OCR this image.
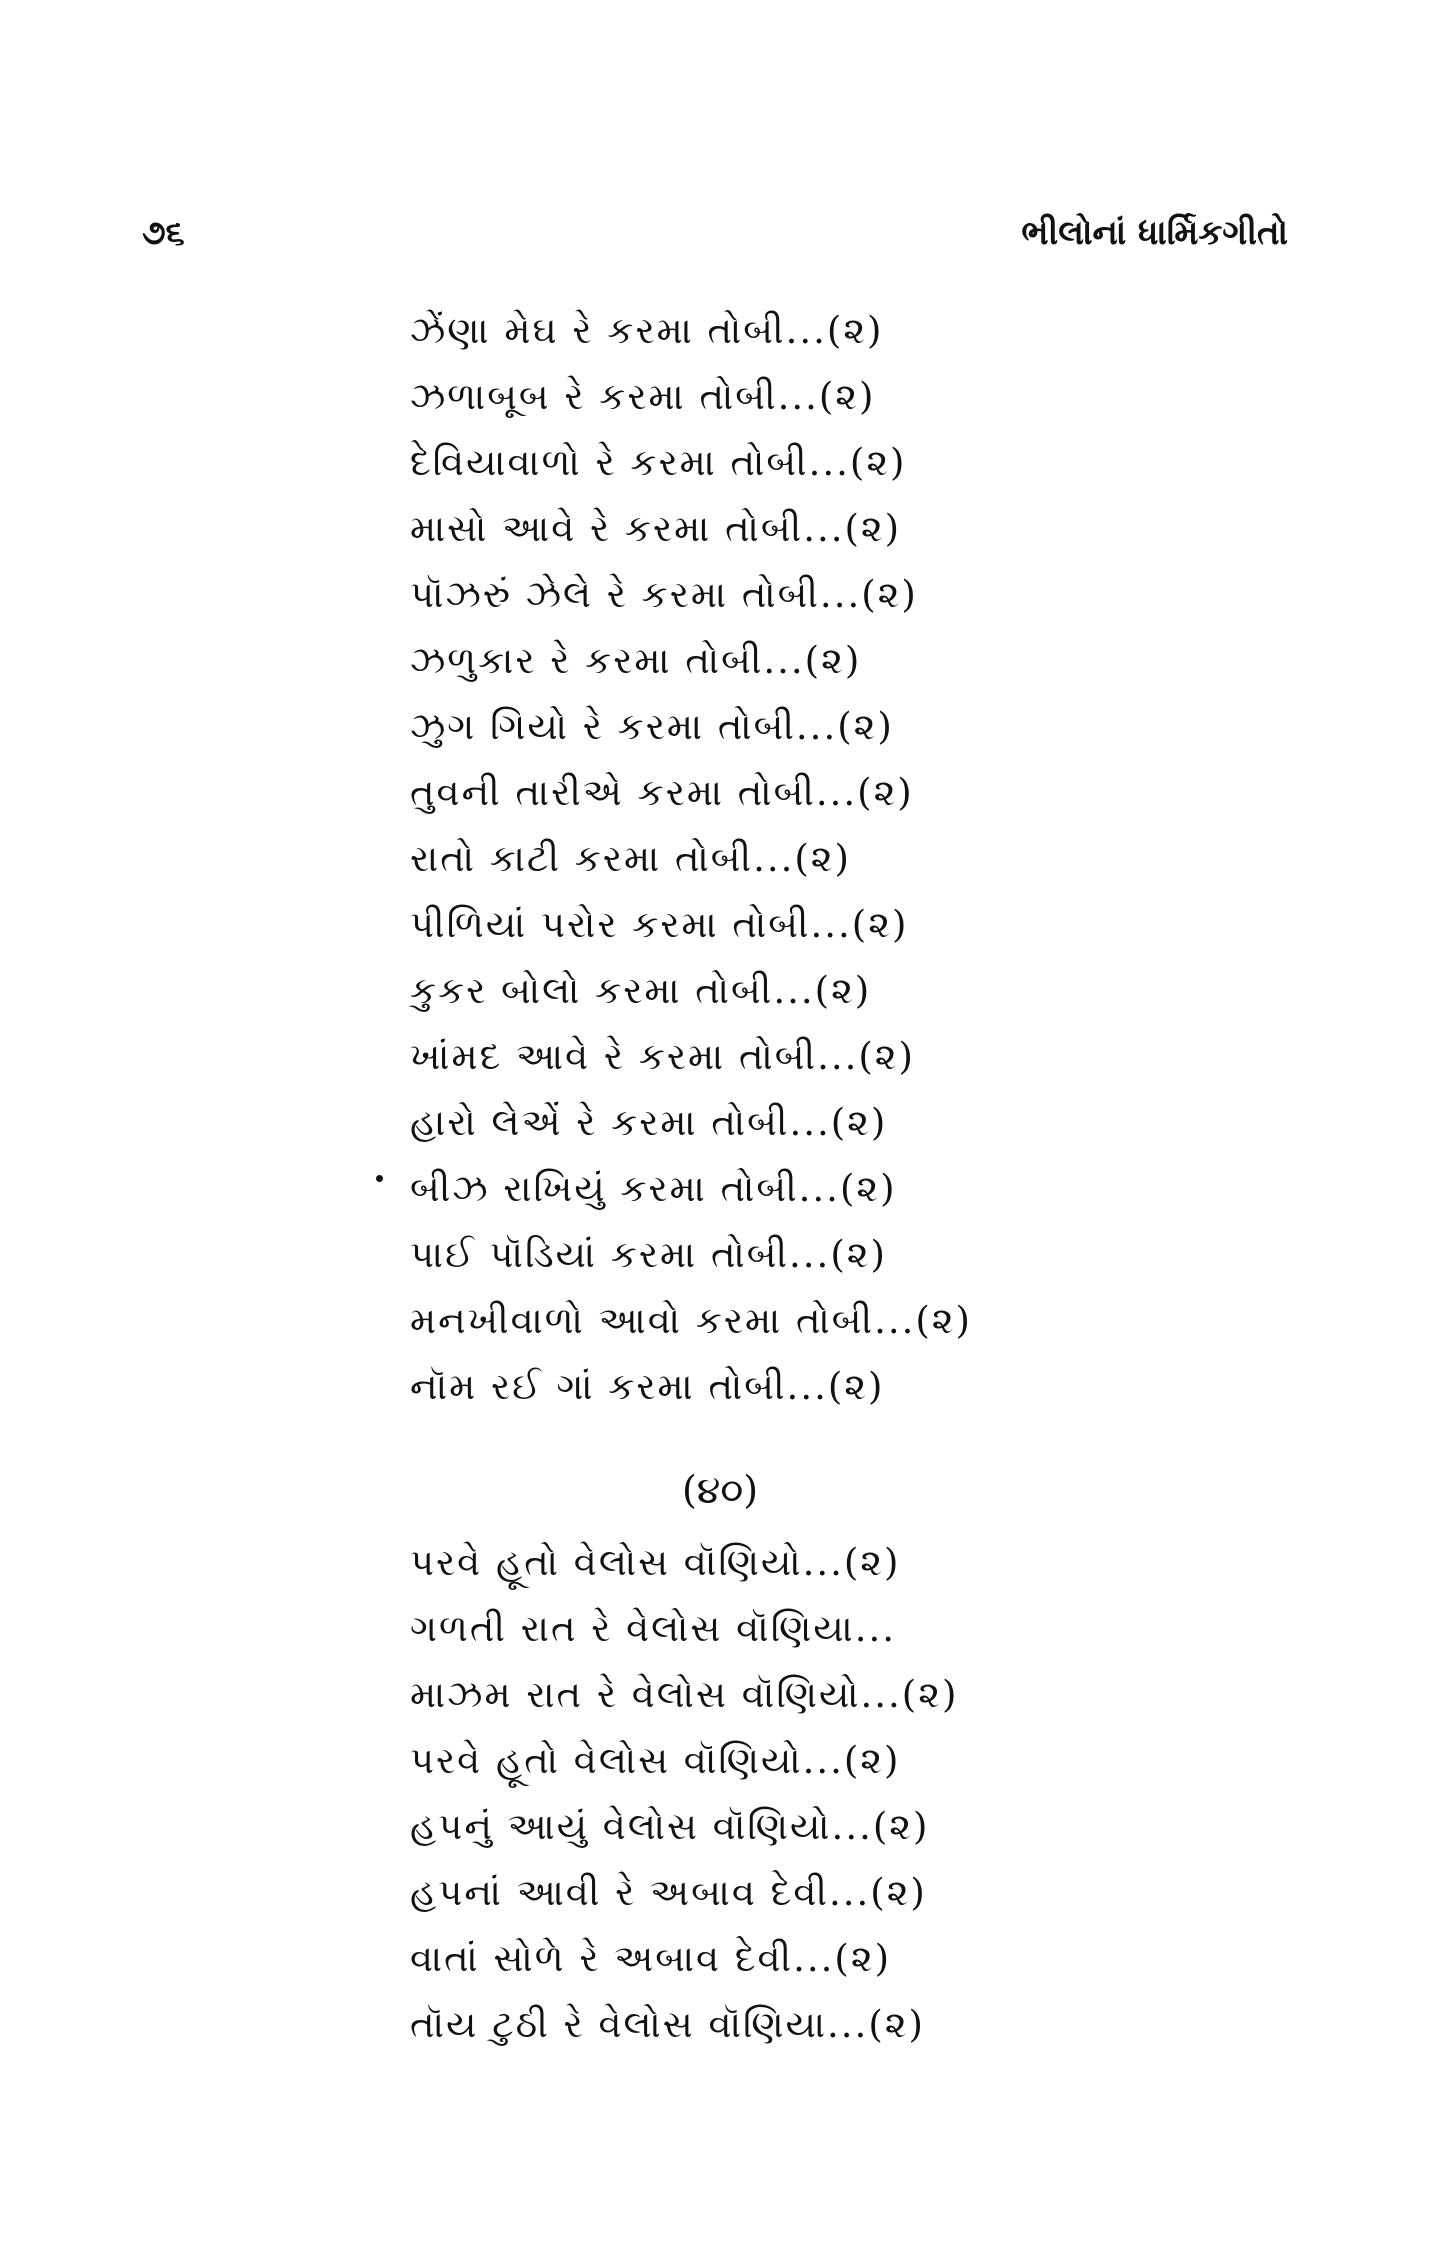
૭૬	ભીલોનાં ધાર્મિકગીતો
ઝેંણા મેઘ રે કરમા તોબી...(૨)
ઝળાબૂબ રે કરમા તોબી...(૨)
દેવિયાવાળો રે કરમા તોબી...(૨)
માસો આવે રે કરમા તોબી...(૨)
પૉઝરું ઝેલે રે કરમા તોબી...(૨)
ઝળુકાર રે કરમા તોબી...(૨)
ઝુગ ગિયો રે કરમા તોબી...(૨)
તુવની તારીએ કરમા તોબી...(૨)
રાતો કાટી કરમા તોબી...(૨)
પીળિયાં પરોર કરમા તોબી...(૨)
કુકર બોલો કરમા તોબી...(૨)
ખાંમદ આવે રે કરમા તોબી...(૨)
હારો લેએં રે કરમા તોબી...(૨)
બીઝ રાખિયું કરમા તોબી...(૨)
પાઈ પૉડિયાં કરમા તોબી...(૨)
મનખીવાળો આવો કરમા તોબી...(૨)
નૉમ રઈ ગાં કરમા તોબી...(૨)
(૪૦)
પરવે હૂતો વેલોસ વૉણિયો...(૨)
ગળતી રાત રે વેલોસ વૉણિયા...
માઝમ રાત રે વેલોસ વૉણિયો...(૨)
પરવે હૂતો વેલોસ વૉણિયો...(૨)
હપનું આયું વેલોસ વૉણિયો...(૨)
હપનાં આવી રે અબાવ દેવી...(૨)
વાતાં સોળે રે અબાવ દેવી...(૨)
તૉય ટુઠી રે વેલોસ વૉણિયા...(૨)
